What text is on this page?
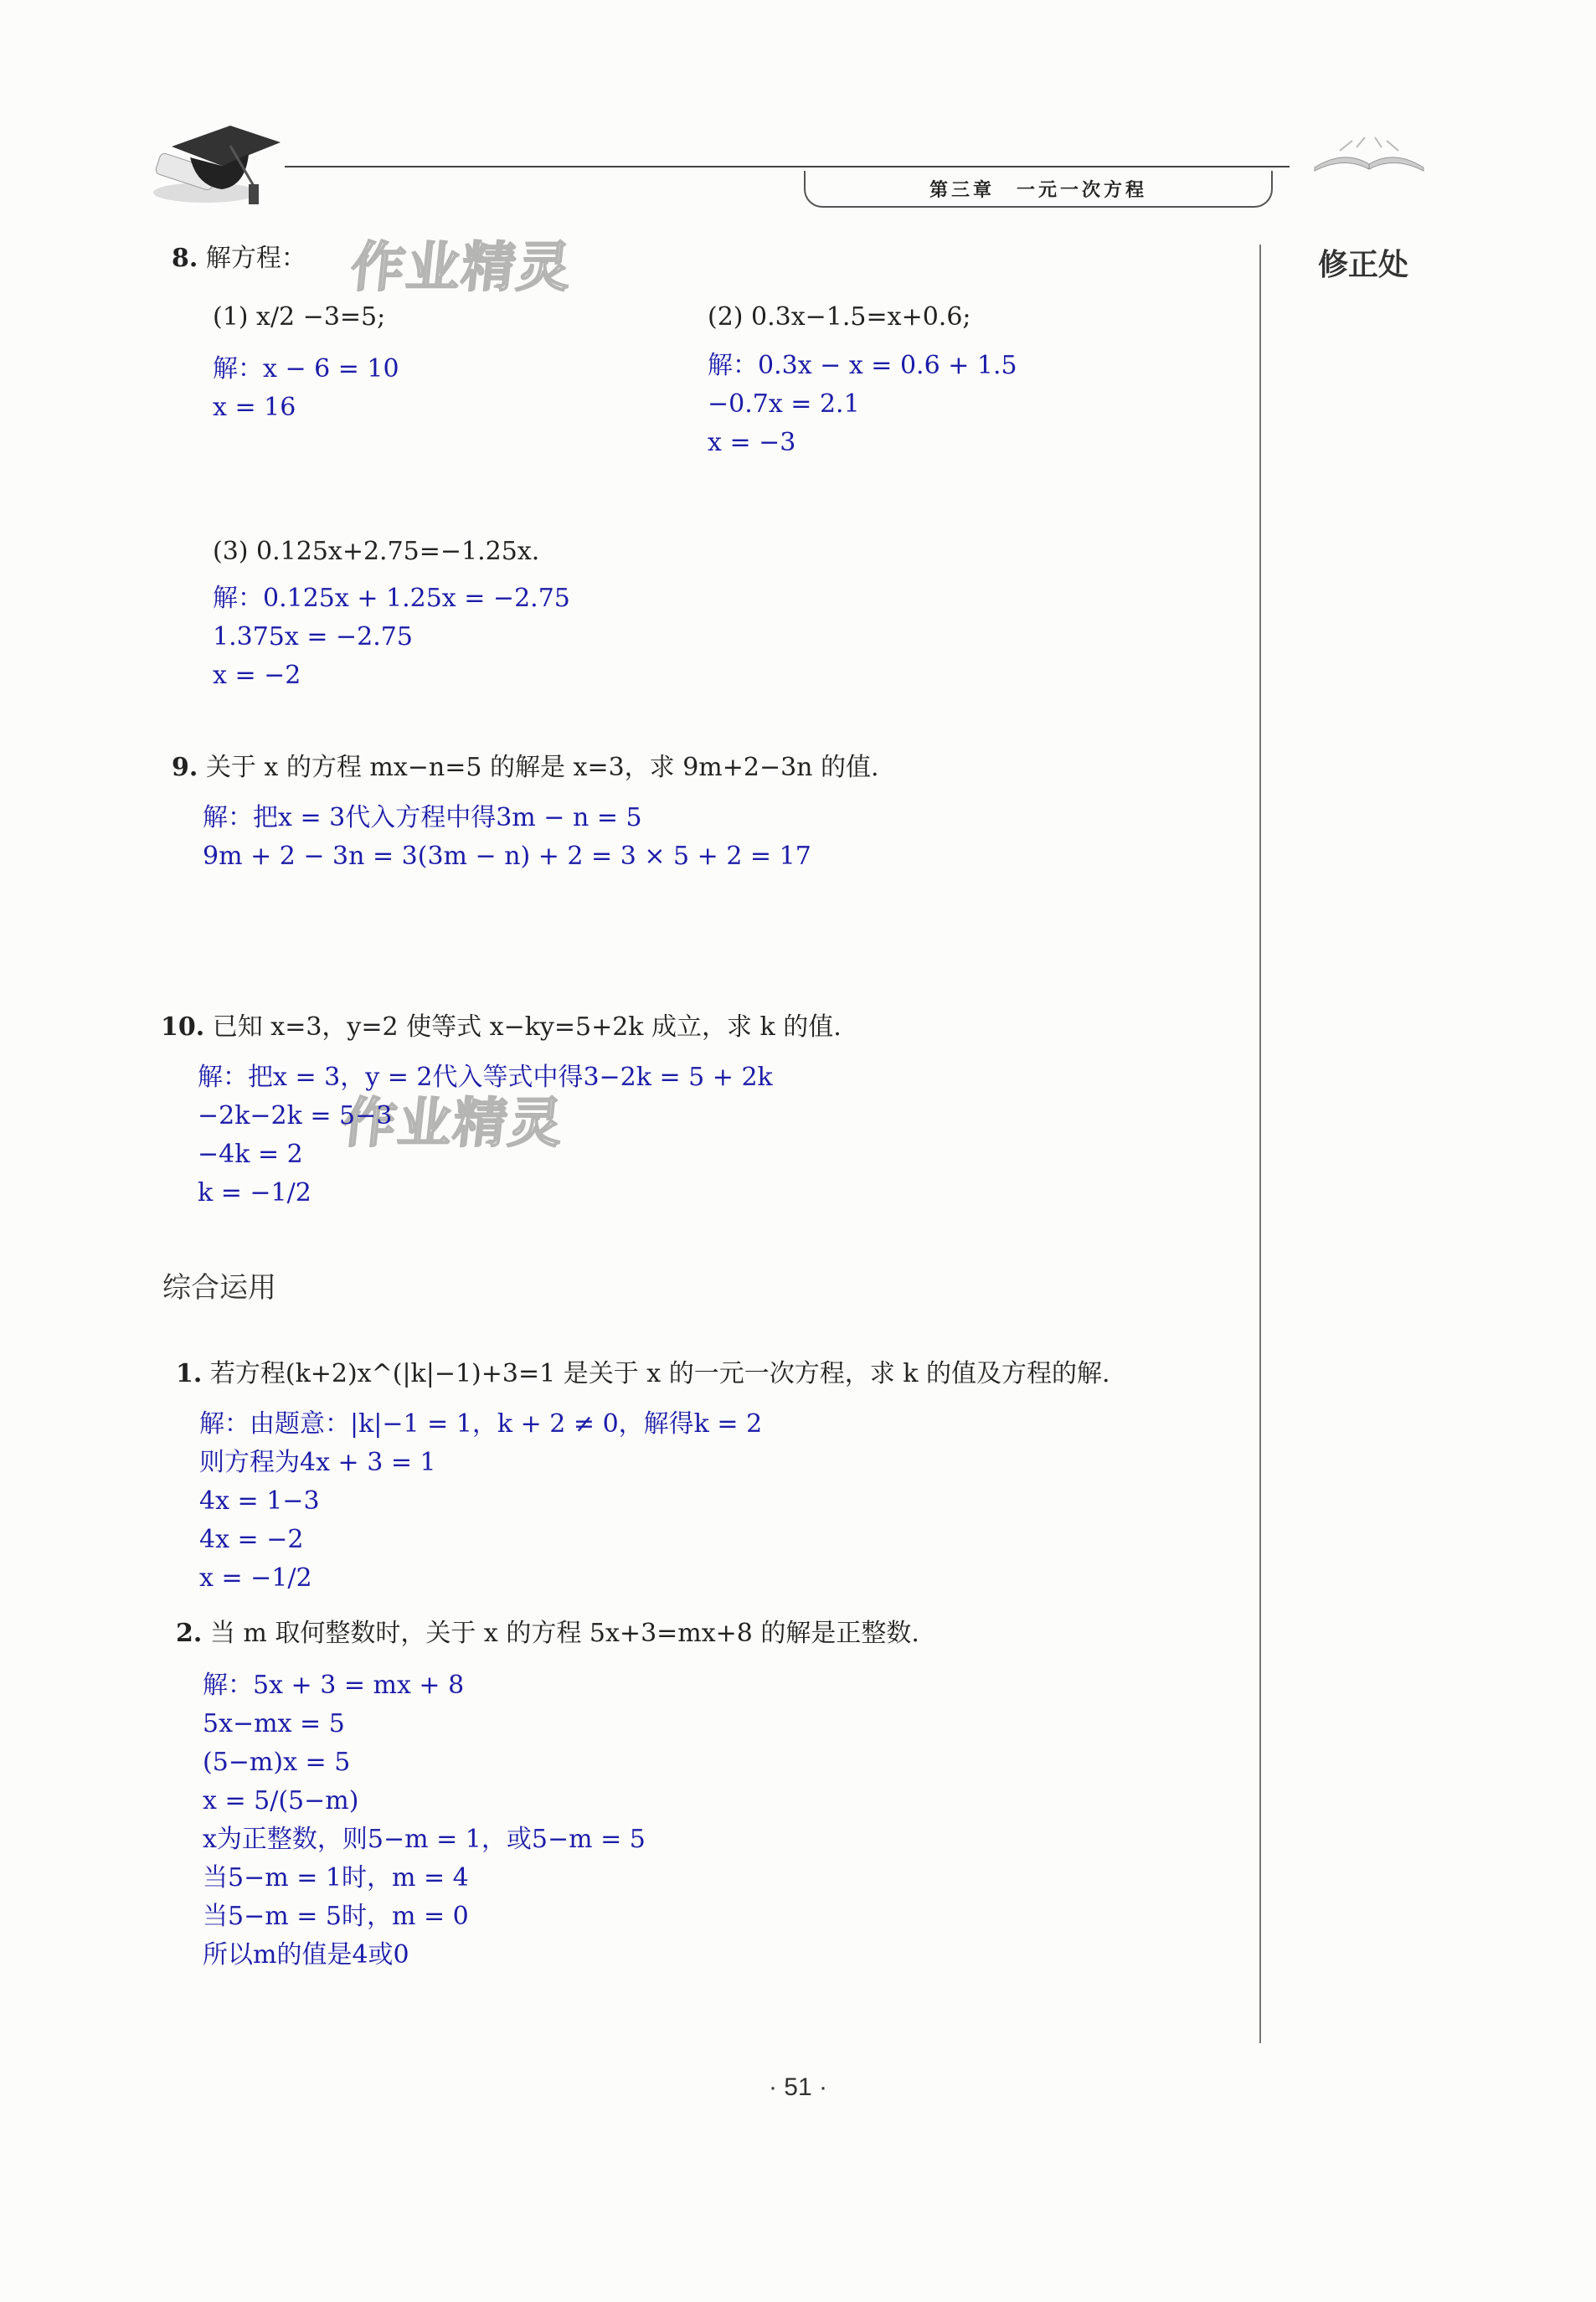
第三章　一元一次方程
修正处
作业精灵
作业精灵
8. 解方程：
(1) x/2 −3=5;
解：x − 6 = 10
x = 16
(2) 0.3x−1.5=x+0.6;
解：0.3x − x = 0.6 + 1.5
−0.7x = 2.1
x = −3
(3) 0.125x+2.75=−1.25x.
解：0.125x + 1.25x = −2.75
1.375x = −2.75
x = −2
9. 关于 x 的方程 mx−n=5 的解是 x=3，求 9m+2−3n 的值.
解：把x = 3代入方程中得3m − n = 5
9m + 2 − 3n = 3(3m − n) + 2 = 3 × 5 + 2 = 17
10. 已知 x=3，y=2 使等式 x−ky=5+2k 成立，求 k 的值.
解：把x = 3，y = 2代入等式中得3−2k = 5 + 2k
−2k−2k = 5−3
−4k = 2
k = −1/2
综合运用
1. 若方程(k+2)x^(|k|−1)+3=1 是关于 x 的一元一次方程，求 k 的值及方程的解.
解：由题意：|k|−1 = 1，k + 2 ≠ 0，解得k = 2
则方程为4x + 3 = 1
4x = 1−3
4x = −2
x = −1/2
2. 当 m 取何整数时，关于 x 的方程 5x+3=mx+8 的解是正整数.
解：5x + 3 = mx + 8
5x−mx = 5
(5−m)x = 5
x = 5/(5−m)
x为正整数，则5−m = 1，或5−m = 5
当5−m = 1时，m = 4
当5−m = 5时，m = 0
所以m的值是4或0
· 51 ·
